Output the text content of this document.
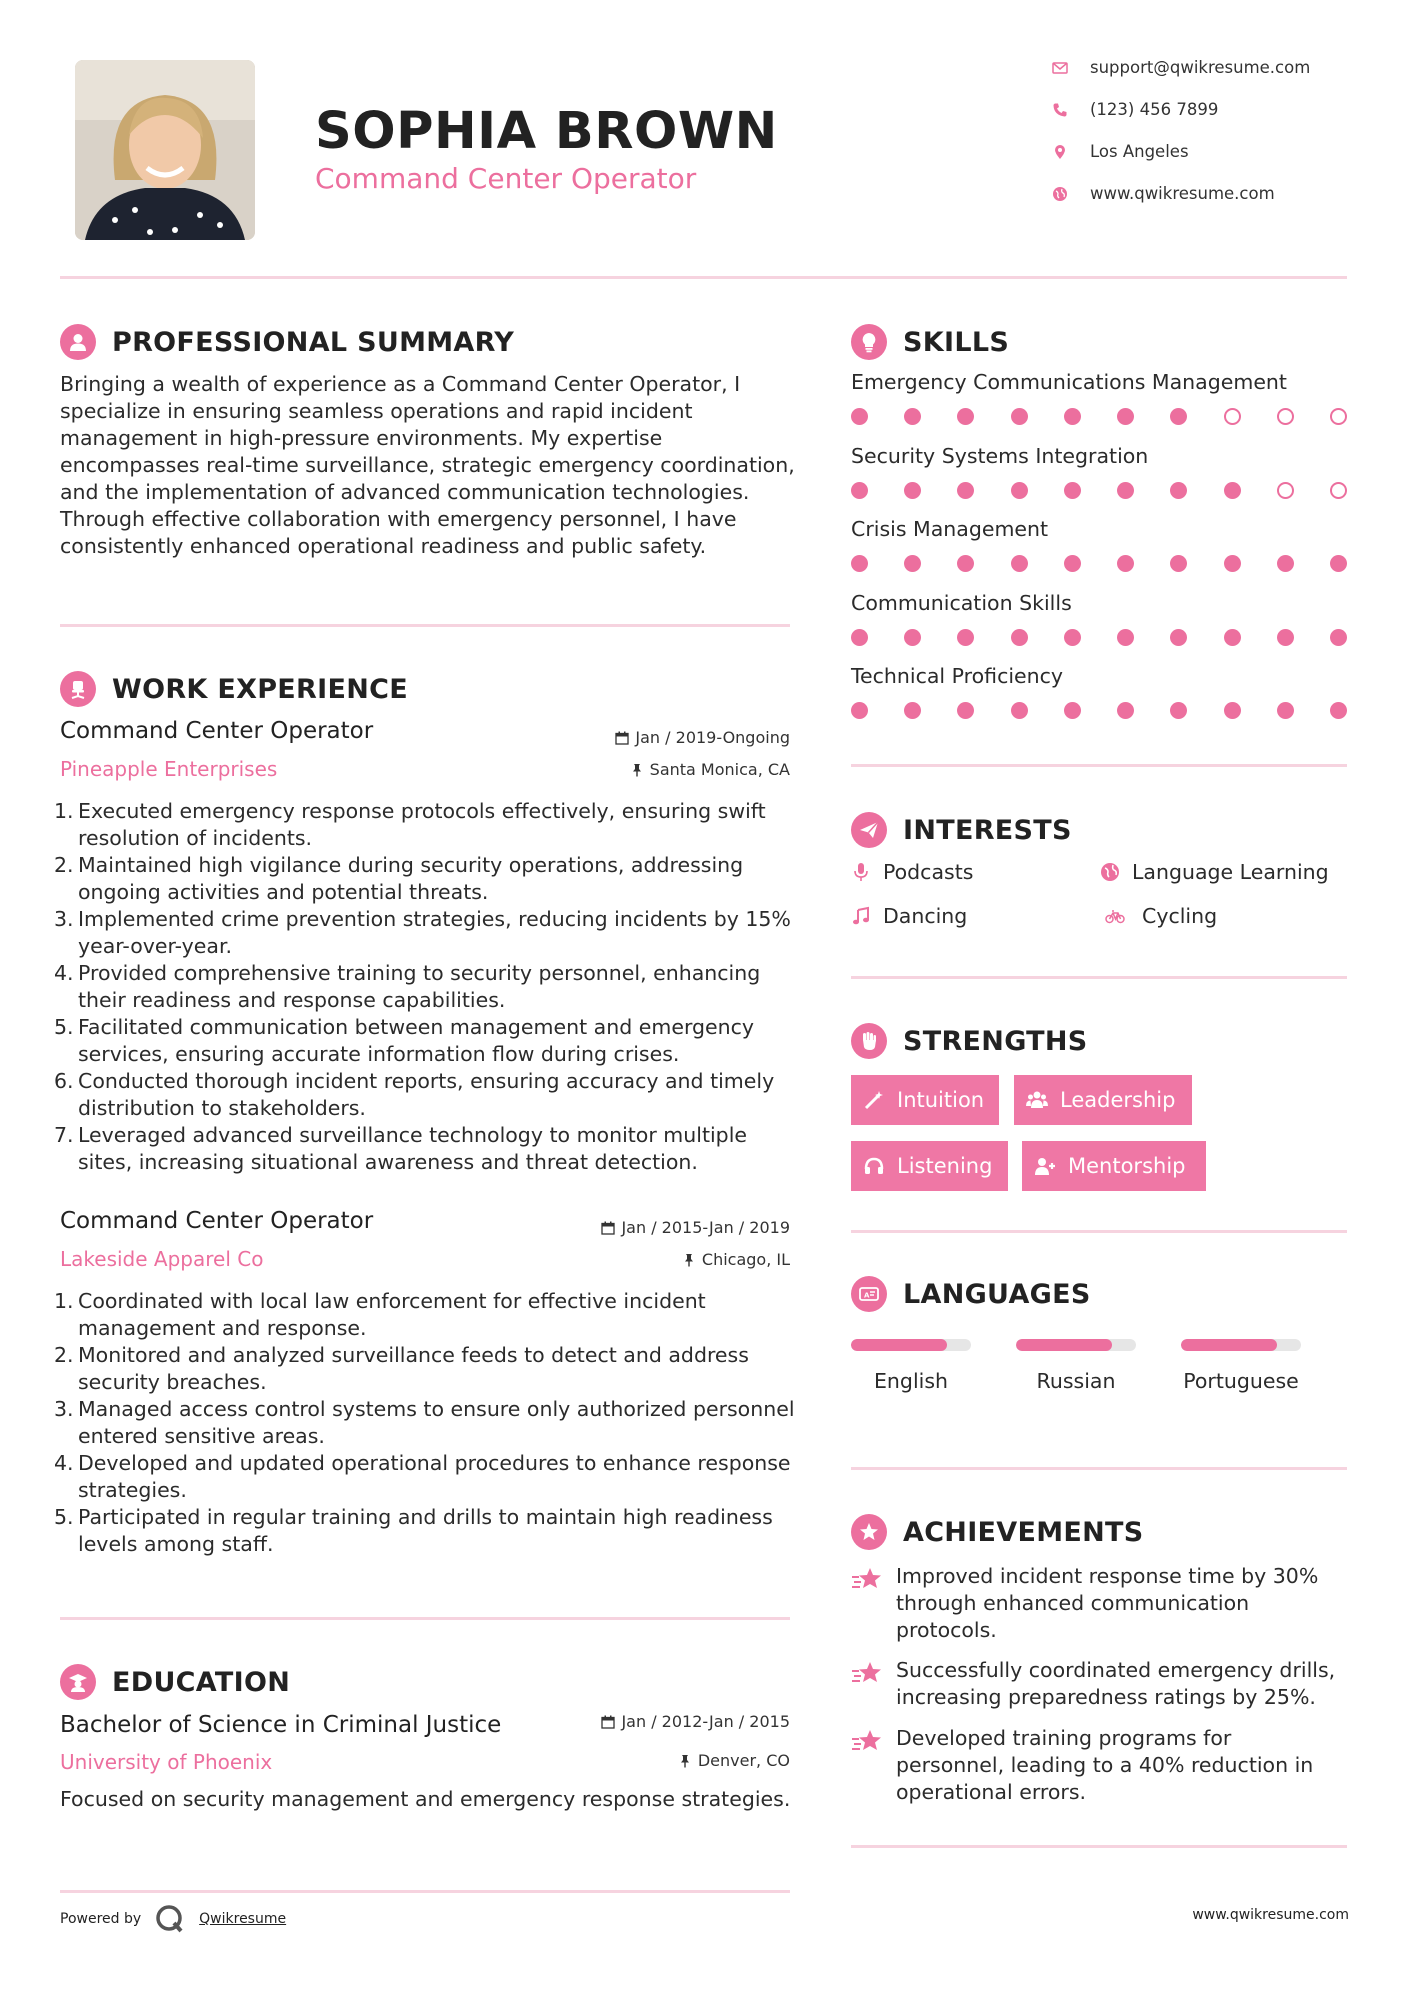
SOPHIA BROWN
Command Center Operator
support@qwikresume.com
(123) 456 7899
Los Angeles
www.qwikresume.com
PROFESSIONAL SUMMARY
Bringing a wealth of experience as a Command Center Operator, I specialize in ensuring seamless operations and rapid incident management in high-pressure environments. My expertise encompasses real-time surveillance, strategic emergency coordination, and the implementation of advanced communication technologies. Through effective collaboration with emergency personnel, I have consistently enhanced operational readiness and public safety.
WORK EXPERIENCE
Command Center Operator	Jan / 2019-Ongoing
Pineapple Enterprises	Santa Monica, CA
1. Executed emergency response protocols effectively, ensuring swift resolution of incidents.
2. Maintained high vigilance during security operations, addressing ongoing activities and potential threats.
3. Implemented crime prevention strategies, reducing incidents by 15% year-over-year.
4. Provided comprehensive training to security personnel, enhancing their readiness and response capabilities.
5. Facilitated communication between management and emergency services, ensuring accurate information flow during crises.
6. Conducted thorough incident reports, ensuring accuracy and timely distribution to stakeholders.
7. Leveraged advanced surveillance technology to monitor multiple sites, increasing situational awareness and threat detection.
Command Center Operator	Jan / 2015-Jan / 2019
Lakeside Apparel Co	Chicago, IL
1. Coordinated with local law enforcement for effective incident management and response.
2. Monitored and analyzed surveillance feeds to detect and address security breaches.
3. Managed access control systems to ensure only authorized personnel entered sensitive areas.
4. Developed and updated operational procedures to enhance response strategies.
5. Participated in regular training and drills to maintain high readiness levels among staff.
EDUCATION
Bachelor of Science in Criminal Justice	Jan / 2012-Jan / 2015
University of Phoenix	Denver, CO
Focused on security management and emergency response strategies.
SKILLS
Emergency Communications Management
Security Systems Integration
Crisis Management
Communication Skills
Technical Proficiency
INTERESTS
Podcasts	Language Learning
Dancing	Cycling
STRENGTHS
Intuition	Leadership
Listening	Mentorship
A LANGUAGES
English	Russian	Portuguese
ACHIEVEMENTS
Improved incident response time by 30% through enhanced communication protocols.
Successfully coordinated emergency drills, increasing preparedness ratings by 25%.
Developed training programs for personnel, leading to a 40% reduction in operational errors.
Powered by	Qwikresume	www.qwikresume.com
